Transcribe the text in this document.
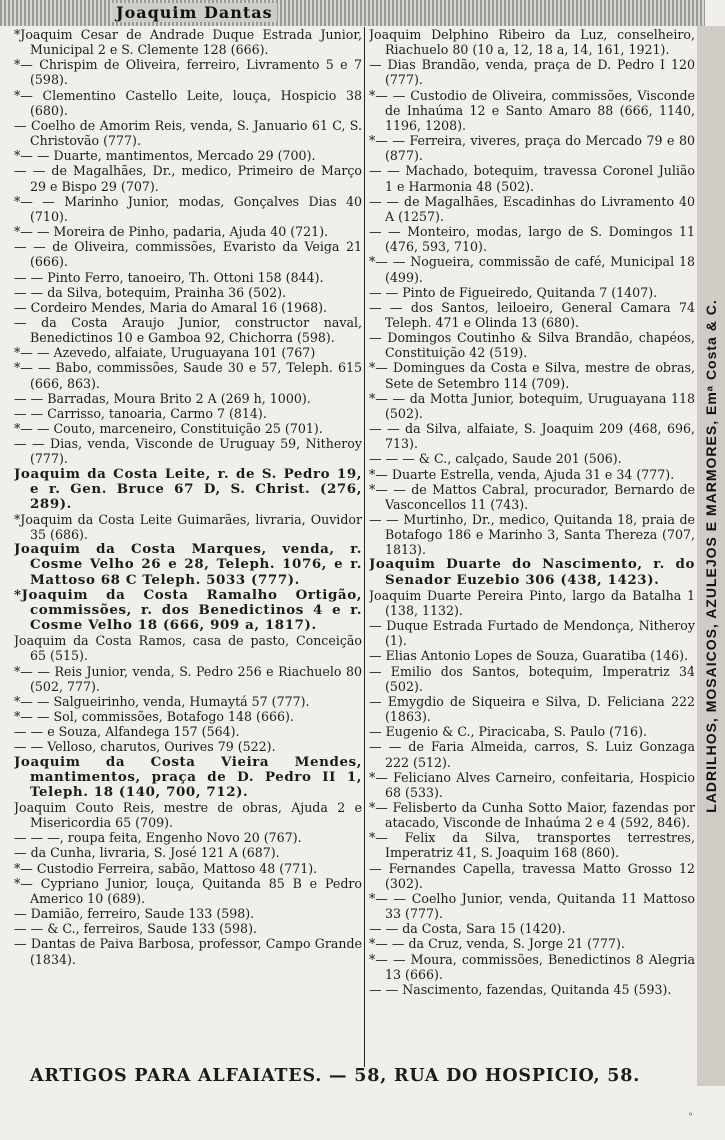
Joaquim Dantas
*Joaquim Cesar de Andrade Duque Estrada Junior, Municipal 2 e S. Clemente 128 (666).
*— Chrispim de Oliveira, ferreiro, Livramento 5 e 7 (598).
*— Clementino Castello Leite, louça, Hospicio 38 (680).
— Coelho de Amorim Reis, venda, S. Januario 61 C, S. Christovão (777).
*— — Duarte, mantimentos, Mercado 29 (700).
— — de Magalhães, Dr., medico, Primeiro de Março 29 e Bispo 29 (707).
*— — Marinho Junior, modas, Gonçalves Dias 40 (710).
*— — Moreira de Pinho, padaria, Ajuda 40 (721).
— — de Oliveira, commissões, Evaristo da Veiga 21 (666).
— — Pinto Ferro, tanoeiro, Th. Ottoni 158 (844).
— — da Silva, botequim, Prainha 36 (502).
— Cordeiro Mendes, Maria do Amaral 16 (1968).
— da Costa Araujo Junior, constructor naval, Benedictinos 10 e Gamboa 92, Chichorra (598).
*— — Azevedo, alfaiate, Uruguayana 101 (767)
*— — Babo, commissões, Saude 30 e 57, Teleph. 615 (666, 863).
— — Barradas, Moura Brito 2 A (269 h, 1000).
— — Carrisso, tanoaria, Carmo 7 (814).
*— — Couto, marceneiro, Constituição 25 (701).
— — Dias, venda, Visconde de Uruguay 59, Nitheroy (777).
Joaquim da Costa Leite, r. de S. Pedro 19, e r. Gen. Bruce 67 D, S. Christ. (276, 289).
*Joaquim da Costa Leite Guimarães, livraria, Ouvidor 35 (686).
Joaquim da Costa Marques, venda, r. Cosme Velho 26 e 28, Teleph. 1076, e r. Mattoso 68 C Teleph. 5033 (777).
*Joaquim da Costa Ramalho Ortigão, commissões, r. dos Benedictinos 4 e r. Cosme Velho 18 (666, 909 a, 1817).
Joaquim da Costa Ramos, casa de pasto, Conceição 65 (515).
*— — Reis Junior, venda, S. Pedro 256 e Riachuelo 80 (502, 777).
*— — Salgueirinho, venda, Humaytá 57 (777).
*— — Sol, commissões, Botafogo 148 (666).
— — e Souza, Alfandega 157 (564).
— — Velloso, charutos, Ourives 79 (522).
Joaquim da Costa Vieira Mendes, mantimentos, praça de D. Pedro II 1, Teleph. 18 (140, 700, 712).
Joaquim Couto Reis, mestre de obras, Ajuda 2 e Misericordia 65 (709).
— — —, roupa feita, Engenho Novo 20 (767).
— da Cunha, livraria, S. José 121 A (687).
*— Custodio Ferreira, sabão, Mattoso 48 (771).
*— Cypriano Junior, louça, Quitanda 85 B e Pedro Americo 10 (689).
— Damião, ferreiro, Saude 133 (598).
— — & C., ferreiros, Saude 133 (598).
— Dantas de Paiva Barbosa, professor, Campo Grande (1834).
Joaquim Delphino Ribeiro da Luz, conselheiro, Riachuelo 80 (10 a, 12, 18 a, 14, 161, 1921).
— Dias Brandão, venda, praça de D. Pedro I 120 (777).
*— — Custodio de Oliveira, commissões, Visconde de Inhaúma 12 e Santo Amaro 88 (666, 1140, 1196, 1208).
*— — Ferreira, viveres, praça do Mercado 79 e 80 (877).
— — Machado, botequim, travessa Coronel Julião 1 e Harmonia 48 (502).
— — de Magalhães, Escadinhas do Livramento 40 A (1257).
— — Monteiro, modas, largo de S. Domingos 11 (476, 593, 710).
*— — Nogueira, commissão de café, Municipal 18 (499).
— — Pinto de Figueiredo, Quitanda 7 (1407).
— — dos Santos, leiloeiro, General Camara 74 Teleph. 471 e Olinda 13 (680).
— Domingos Coutinho & Silva Brandão, chapéos, Constituição 42 (519).
*— Domingues da Costa e Silva, mestre de obras, Sete de Setembro 114 (709).
*— — da Motta Junior, botequim, Uruguayana 118 (502).
— — da Silva, alfaiate, S. Joaquim 209 (468, 696, 713).
— — — & C., calçado, Saude 201 (506).
*— Duarte Estrella, venda, Ajuda 31 e 34 (777).
*— — de Mattos Cabral, procurador, Bernardo de Vasconcellos 11 (743).
— — Murtinho, Dr., medico, Quitanda 18, praia de Botafogo 186 e Marinho 3, Santa Thereza (707, 1813).
Joaquim Duarte do Nascimento, r. do Senador Euzebio 306 (438, 1423).
Joaquim Duarte Pereira Pinto, largo da Batalha 1 (138, 1132).
— Duque Estrada Furtado de Mendonça, Nitheroy (1).
— Elias Antonio Lopes de Souza, Guaratiba (146).
— Emilio dos Santos, botequim, Imperatriz 34 (502).
— Emygdio de Siqueira e Silva, D. Feliciana 222 (1863).
— Eugenio & C., Piracicaba, S. Paulo (716).
— — de Faria Almeida, carros, S. Luiz Gonzaga 222 (512).
*— Feliciano Alves Carneiro, confeitaria, Hospicio 68 (533).
*— Felisberto da Cunha Sotto Maior, fazendas por atacado, Visconde de Inhaúma 2 e 4 (592, 846).
*— Felix da Silva, transportes terrestres, Imperatriz 41, S. Joaquim 168 (860).
— Fernandes Capella, travessa Matto Grosso 12 (302).
*— — Coelho Junior, venda, Quitanda 11 Mattoso 33 (777).
— — da Costa, Sara 15 (1420).
*— — da Cruz, venda, S. Jorge 21 (777).
*— — Moura, commissões, Benedictinos 8 Alegria 13 (666).
— — Nascimento, fazendas, Quitanda 45 (593).
LADRILHOS, MOSAICOS, AZULEJOS E MARMORES, Emᵃ Costa & C.
ARTIGOS PARA ALFAIATES. — 58, RUA DO HOSPICIO, 58.
°
